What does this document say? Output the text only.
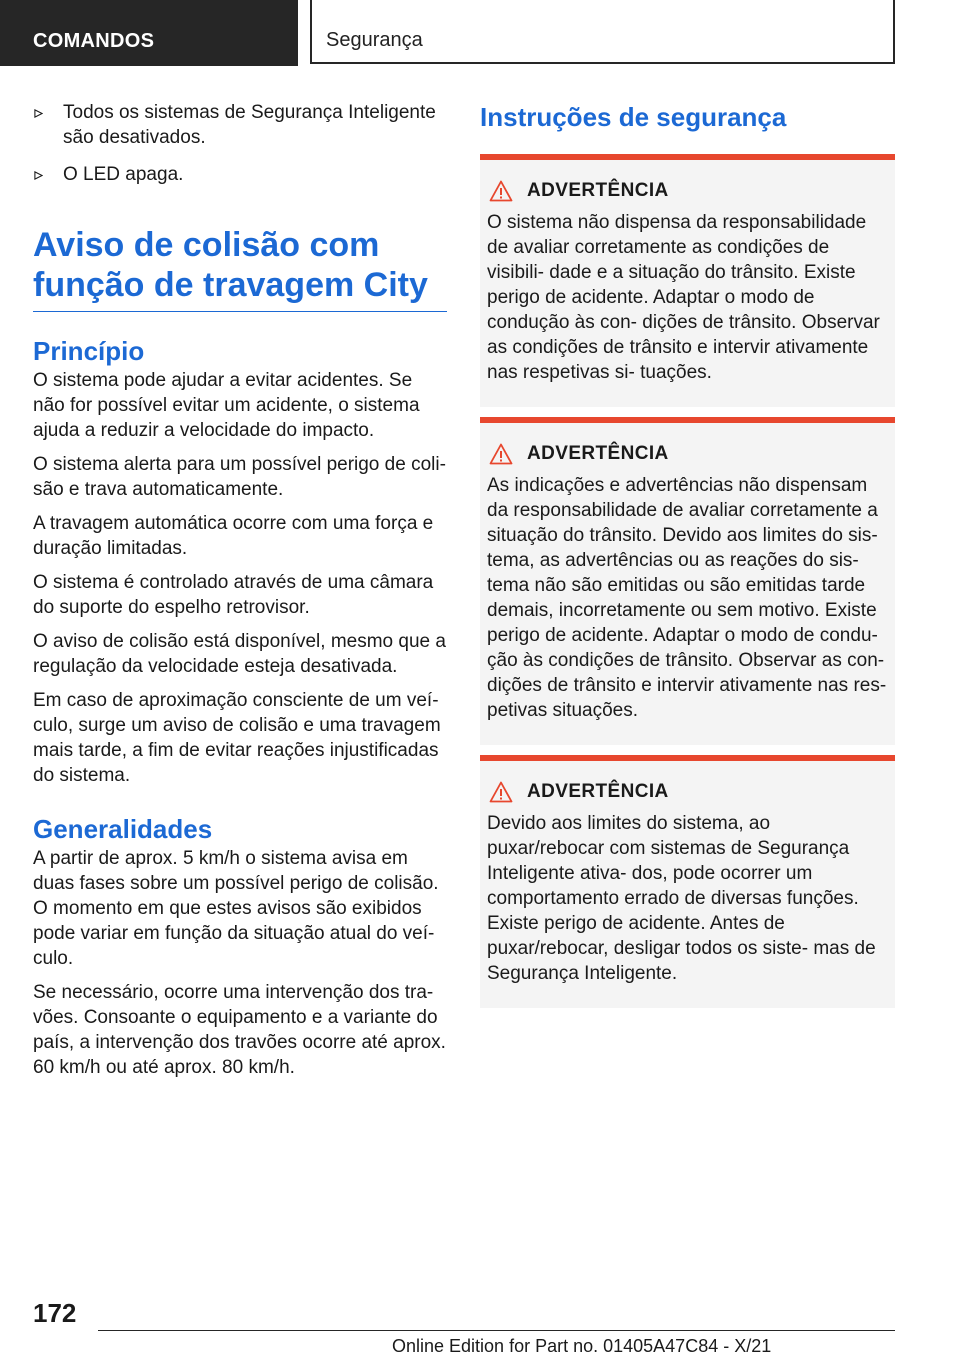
COMANDOS	Segurança
Todos os sistemas de Segurança Inteligente são desativados.
O LED apaga.
Aviso de colisão com função de travagem City
Princípio

O sistema pode ajudar a evitar acidentes. Se não for possível evitar um acidente, o sistema ajuda a reduzir a velocidade do impacto.

O sistema alerta para um possível perigo de coli‐ são e trava automaticamente.

A travagem automática ocorre com uma força e duração limitadas.

O sistema é controlado através de uma câmara do suporte do espelho retrovisor.

O aviso de colisão está disponível, mesmo que a regulação da velocidade esteja desativada.

Em caso de aproximação consciente de um veí‐ culo, surge um aviso de colisão e uma travagem mais tarde, a fim de evitar reações injustificadas do sistema.

Generalidades

A partir de aprox. 5 km/h o sistema avisa em duas fases sobre um possível perigo de colisão. O momento em que estes avisos são exibidos pode variar em função da situação atual do veí‐ culo.

Se necessário, ocorre uma intervenção dos tra‐ vões. Consoante o equipamento e a variante do país, a intervenção dos travões ocorre até aprox. 60 km/h ou até aprox. 80 km/h.

Instruções de segurança
ADVERTÊNCIA

O sistema não dispensa da responsabilidade de avaliar corretamente as condições de visibili‐ dade e a situação do trânsito. Existe perigo de acidente. Adaptar o modo de condução às con‐ dições de trânsito. Observar as condições de trânsito e intervir ativamente nas respetivas si‐ tuações.

ADVERTÊNCIA

As indicações e advertências não dispensam da responsabilidade de avaliar corretamente a situação do trânsito. Devido aos limites do sis‐ tema, as advertências ou as reações do sis‐ tema não são emitidas ou são emitidas tarde demais, incorretamente ou sem motivo. Existe perigo de acidente. Adaptar o modo de condu‐ ção às condições de trânsito. Observar as con‐ dições de trânsito e intervir ativamente nas res‐ petivas situações.

ADVERTÊNCIA

Devido aos limites do sistema, ao puxar/rebocar com sistemas de Segurança Inteligente ativa‐ dos, pode ocorrer um comportamento errado de diversas funções. Existe perigo de acidente. Antes de puxar/rebocar, desligar todos os siste‐ mas de Segurança Inteligente.

172
Online Edition for Part no. 01405A47C84 - X/21
